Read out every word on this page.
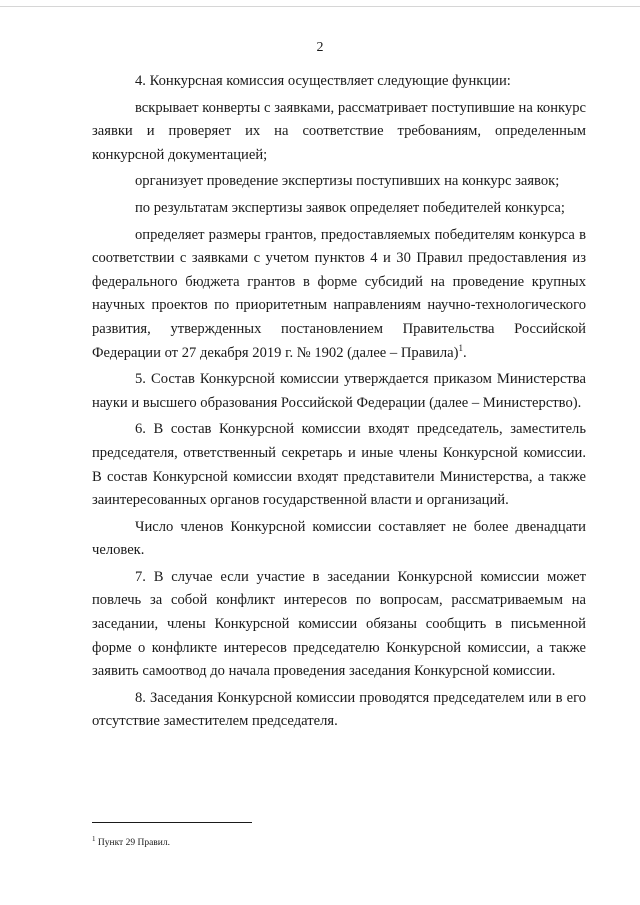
2

4. Конкурсная комиссия осуществляет следующие функции:

вскрывает конверты с заявками, рассматривает поступившие на конкурс заявки и проверяет их на соответствие требованиям, определенным конкурсной документацией;

организует проведение экспертизы поступивших на конкурс заявок;

по результатам экспертизы заявок определяет победителей конкурса;

определяет размеры грантов, предоставляемых победителям конкурса в соответствии с заявками с учетом пунктов 4 и 30 Правил предоставления из федерального бюджета грантов в форме субсидий на проведение крупных научных проектов по приоритетным направлениям научно-технологического развития, утвержденных постановлением Правительства Российской Федерации от 27 декабря 2019 г. № 1902 (далее – Правила)$^1$.

5. Состав Конкурсной комиссии утверждается приказом Министерства науки и высшего образования Российской Федерации (далее – Министерство).

6. В состав Конкурсной комиссии входят председатель, заместитель председателя, ответственный секретарь и иные члены Конкурсной комиссии. В состав Конкурсной комиссии входят представители Министерства, а также заинтересованных органов государственной власти и организаций.

Число членов Конкурсной комиссии составляет не более двенадцати человек.

7. В случае если участие в заседании Конкурсной комиссии может повлечь за собой конфликт интересов по вопросам, рассматриваемым на заседании, члены Конкурсной комиссии обязаны сообщить в письменной форме о конфликте интересов председателю Конкурсной комиссии, а также заявить самоотвод до начала проведения заседания Конкурсной комиссии.

8. Заседания Конкурсной комиссии проводятся председателем или в его отсутствие заместителем председателя.

$^1$ Пункт 29 Правил.
